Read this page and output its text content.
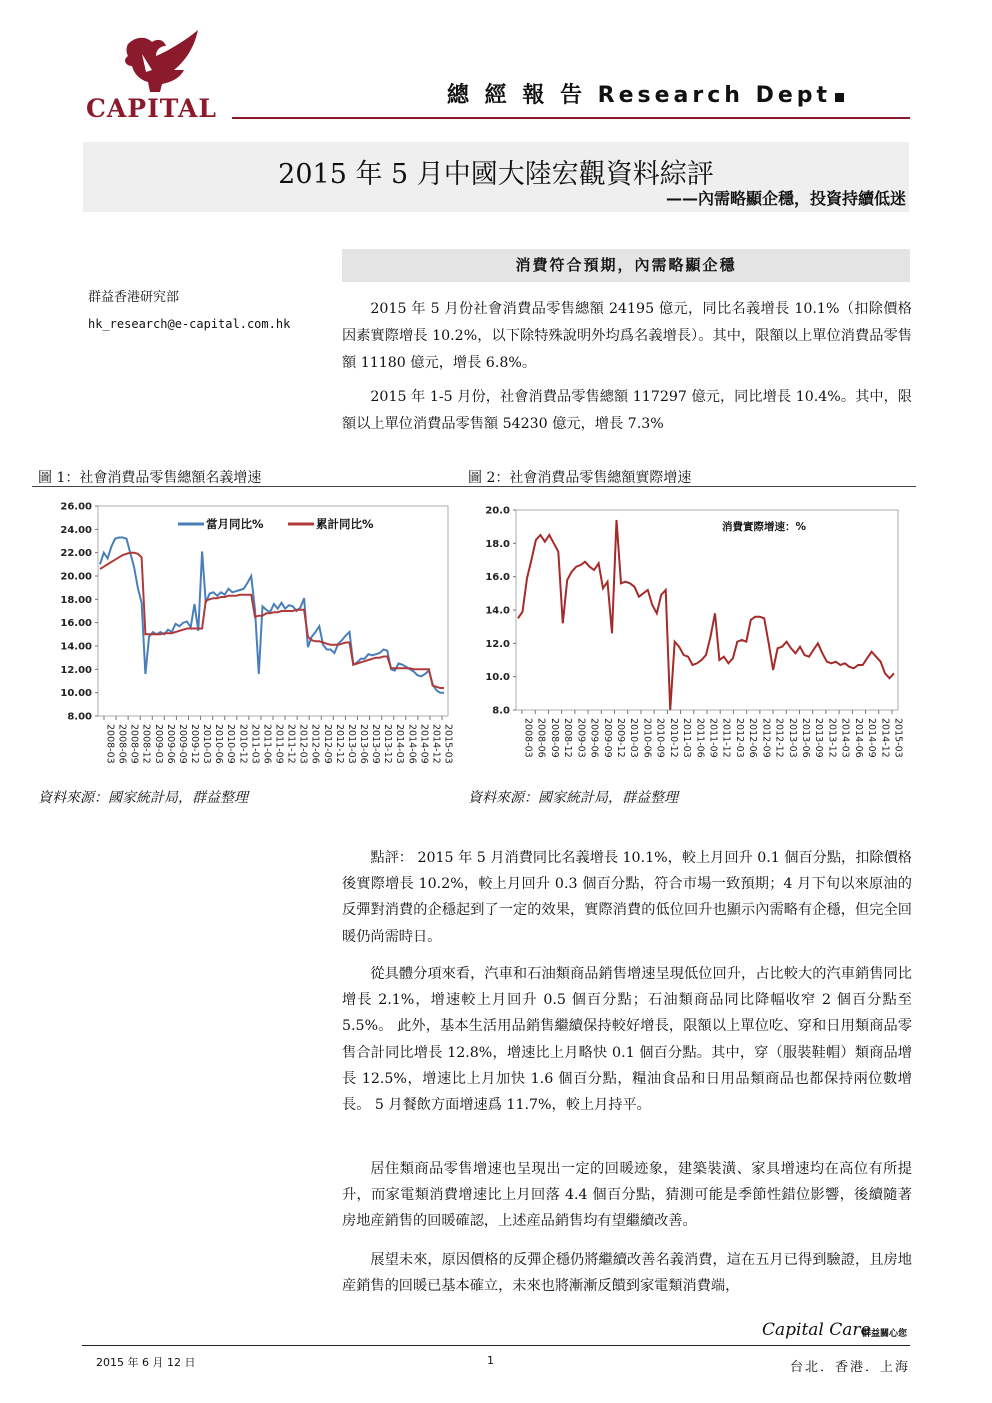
CAPITAL	總 經 報 告 Research Dept
2015 年 5 月中國大陸宏觀資料綜評
——內需略顯企穩，投資持續低迷
群益香港研究部
hk_research@e-capital.com.hk
消費符合預期，內需略顯企穩
2015 年 5 月份社會消費品零售總額 24195 億元，同比名義增長 10.1%（扣除價格因素實際增長 10.2%，以下除特殊說明外均爲名義增長）。其中，限額以上單位消費品零售額 11180 億元，增長 6.8%。
2015 年 1-5 月份，社會消費品零售總額 117297 億元，同比增長 10.4%。其中，限額以上單位消費品零售額 54230 億元，增長 7.3%
圖 1：社會消費品零售總額名義增速	圖 2：社會消費品零售總額實際增速
8.00
10.00
12.00
14.00
16.00
18.00
20.00
22.00
24.00
26.00
2008-03 2008-06 2008-09 2008-12 2009-03 2009-06 2009-09 2009-12 2010-03 2010-06 2010-09 2010-12 2011-03 2011-06 2011-09 2011-12 2012-03 2012-06 2012-09 2012-12 2013-03 2013-06 2013-09 2013-12 2014-03 2014-06 2014-09 2014-12 2015-03
當月同比%	累計同比%
8.0
10.0
12.0
14.0
16.0
18.0
20.0
2008-03 2008-06 2008-09 2008-12 2009-03 2009-06 2009-09 2009-12 2010-03 2010-06 2010-09 2010-12 2011-03 2011-06 2011-09 2011-12 2012-03 2012-06 2012-09 2012-12 2013-03 2013-06 2013-09 2013-12 2014-03 2014-06 2014-09 2014-12 2015-03
消費實際增速：%
資料來源：國家統計局，群益整理	資料來源：國家統計局，群益整理
點評： 2015 年 5 月消費同比名義增長 10.1%，較上月回升 0.1 個百分點，扣除價格後實際增長 10.2%，較上月回升 0.3 個百分點，符合市場一致預期；4 月下旬以來原油的反彈對消費的企穩起到了一定的效果，實際消費的低位回升也顯示內需略有企穩，但完全回暖仍尚需時日。
從具體分項來看，汽車和石油類商品銷售增速呈現低位回升，占比較大的汽車銷售同比增長 2.1%，增速較上月回升 0.5 個百分點；石油類商品同比降幅收窄 2 個百分點至 5.5%。 此外，基本生活用品銷售繼續保持較好增長，限額以上單位吃、穿和日用類商品零售合計同比增長 12.8%，增速比上月略快 0.1 個百分點。其中，穿（服裝鞋帽）類商品增長 12.5%，增速比上月加快 1.6 個百分點，糧油食品和日用品類商品也都保持兩位數增長。 5 月餐飲方面增速爲 11.7%，較上月持平。
居住類商品零售增速也呈現出一定的回暖迹象，建築裝潢、家具增速均在高位有所提升，而家電類消費增速比上月回落 4.4 個百分點，猜測可能是季節性錯位影響，後續隨著房地産銷售的回暖確認，上述産品銷售均有望繼續改善。
展望未來，原因價格的反彈企穩仍將繼續改善名義消費，這在五月已得到驗證，且房地産銷售的回暖已基本確立，未來也將漸漸反饋到家電類消費端，
Capital Care
群益關心您
2015 年 6 月 12 日	1	台北．香港．上海
